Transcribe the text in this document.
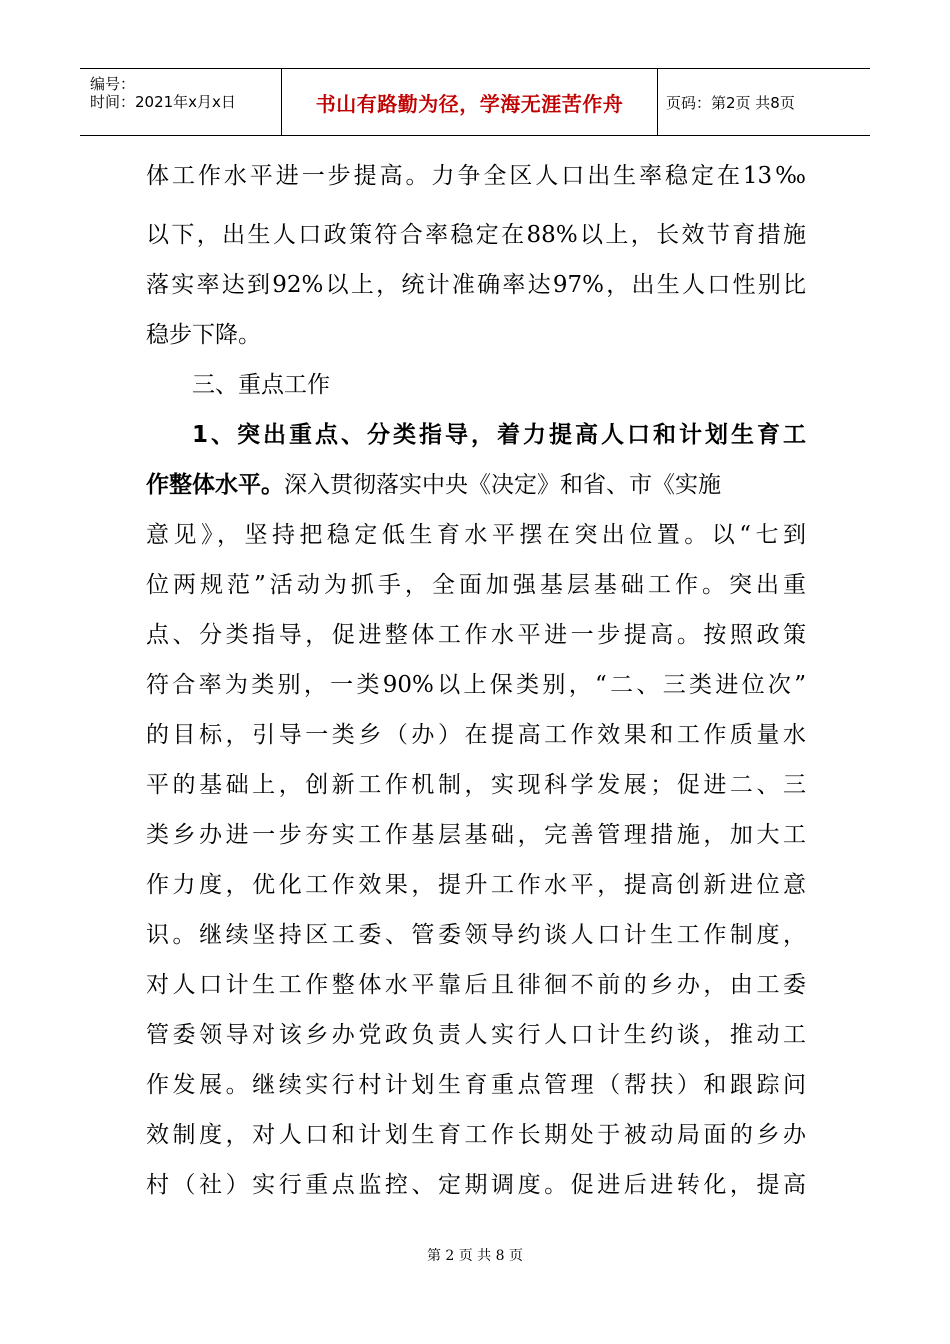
编号：
时间：2021年x月x日	书山有路勤为径，学海无涯苦作舟	页码：第2页 共8页
体工作水平进一步提高。力争全区人口出生率稳定在13‰
以下，出生人口政策符合率稳定在88%以上，长效节育措施
落实率达到92%以上，统计准确率达97%，出生人口性别比
稳步下降。
三、重点工作
1、突出重点、分类指导，着力提高人口和计划生育工
作整体水平。深入贯彻落实中央《决定》和省、市《实施
意见》，坚持把稳定低生育水平摆在突出位置。以“七到
位两规范”活动为抓手，全面加强基层基础工作。突出重
点、分类指导，促进整体工作水平进一步提高。按照政策
符合率为类别，一类90%以上保类别，“二、三类进位次”
的目标，引导一类乡（办）在提高工作效果和工作质量水
平的基础上，创新工作机制，实现科学发展；促进二、三
类乡办进一步夯实工作基层基础，完善管理措施，加大工
作力度，优化工作效果，提升工作水平，提高创新进位意
识。继续坚持区工委、管委领导约谈人口计生工作制度，
对人口计生工作整体水平靠后且徘徊不前的乡办，由工委
管委领导对该乡办党政负责人实行人口计生约谈，推动工
作发展。继续实行村计划生育重点管理（帮扶）和跟踪问
效制度，对人口和计划生育工作长期处于被动局面的乡办
村（社）实行重点监控、定期调度。促进后进转化，提高
第 2 页 共 8 页
